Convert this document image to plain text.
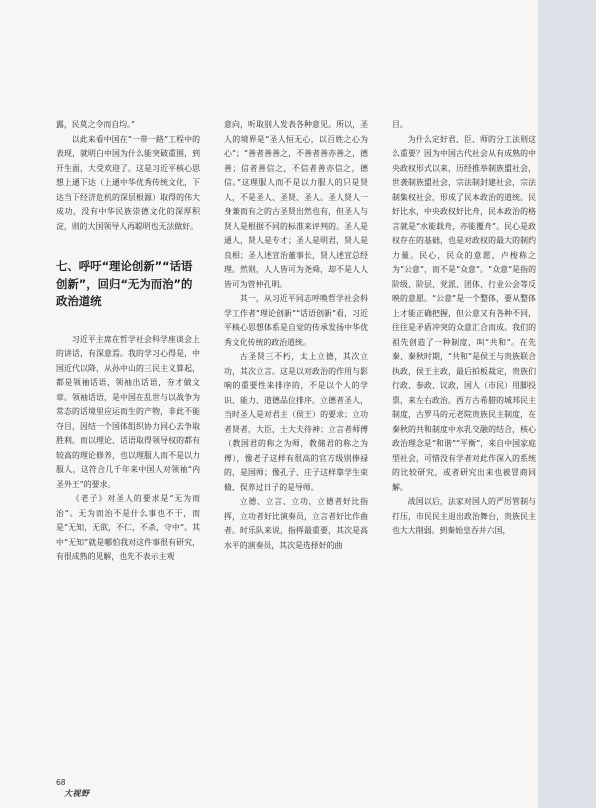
露，民莫之令而自均。”

以此来看中国在“一带一路”工程中的表现，就明白中国为什么能突破重围，到开生面，大受欢迎了。这是习近平核心思想上通下达（上通中华优秀传统文化，下达当下经济危机的深层根源）取得的伟大成功，没有中华民族崇德文化的深厚积淀，则的大国领导人再聪明也无法做好。

七、呼吁“理论创新”“话语创新”，回归“无为而治”的政治道统

习近平主席在哲学社会科学座谈会上的讲话，有深意焉。我的学习心得是，中国近代以降，从孙中山的三民主义算起，都是领袖话语，领袖出话语，夯才做文章。领袖话语，是中国在乱世与以战争为常态的话境里应运而生的产物，非此不能夺目，因结一个国体组织协力同心去争取胜利。而以理论、话语取得领导权的都有较高的理论修养，也以理服人而不是以力服人，这符合几千年来中国人对领袖“内圣外王”的要求。

《老子》对圣人的要求是“无为而治”。无为而治不是什么事也不干，而是“无知，无欲，不仁，不杀，守中”。其中“无知”就是哪怕我对这件事很有研究，有很成熟的见解，也先不表示主观

意向，听取别人发表各种意见。所以，圣人的境界是“圣人恒无心，以百姓之心为心”；“善者善善之，不善者善亦善之，德善；信者善信之，不信者善亦信之，德信。”这理服人而不是以力服人的只是贤人，不是圣人、圣贤、圣人。圣人贤人一身兼而有之的古圣贤出然也有，但圣人与贤人是根据不同的标准来评判的。圣人是通人，贤人是专才；圣人是明君，贤人是良相；圣人述宣治董事长，贤人述宣总经理。然则，人人皆可为尧舜，却不是人人皆可为管仲孔明。

其一，从习近平同志呼唤哲学社会科学工作者“理论创新”“话语创新”看，习近平核心思想体系是自觉的传承发扬中华优秀文化传统的政治道统。

古圣贤三不朽，太上立德，其次立功，其次立言。这是以对政治的作用与影响的重要性来排序的，不是以个人的学识、能力、道德品位排序。立德者圣人，当时圣人是对君主（侯王）的要求；立功者贤者，大臣，士大夫待神；立言者师傅（教国君的称之为师，教储君的称之为傅），像老子这样有很高的官方级别俸禄的，是国师；像孔子、庄子这样靠学生束脩、俣养过日子的是导师。

立德、立言、立功，立德者好比指挥，立功者好比演奏员，立言者好比作曲者。时乐队来说，指挥最重要，其次是高水平的演奏员，其次是选择好的曲

目。

为什么定好君、臣、师的分工法则这么重要？因为中国古代社会从有成熟的中央政权形式以来，历经推举制族盟社会，世袭制族盟社会，宗法制封建社会，宗法制集权社会，形成了民本政治的道统。民好比水，中央政权好比舟，民本政治的格言就是“水能载舟，亦能覆舟”。民心是政权存在的基础，也是对政权的最大的制约力量。民心，民众的意愿，卢梭称之为“公意”，而不是“众意”。“众意”是指的阶级、阶层、党派、团体、行业公会等反映的意愿。“公意”是一个整体，要从整体上才能正确把握，但公意又有各种不同，往往是矛盾冲突的众意汇合而成。我们的祖先创造了一种制度，叫“共和”。在先秦、秦秋时期，“共和”是侯王与贵族联合执政，侯王主政，最后拍板裁定，贵族们行政、参政、议政，国人（市民）用脚投票，来左右政治。西方古希腊的城邦民主制度，古罗马的元老院贵族民主制度，在秦秋的共和制度中水乳交融的结合，核心政治理念是“和谐”“平衡”，来自中国家庭型社会，可惜没有学者对此作深入的系统的比较研究，或者研究出来也被冒商同解。

战国以后，法家对国人的严厉管制与打压，市民民主退出政治舞台，贵族民主也大大削弱。到秦始皇吞并六国，

68
大视野
